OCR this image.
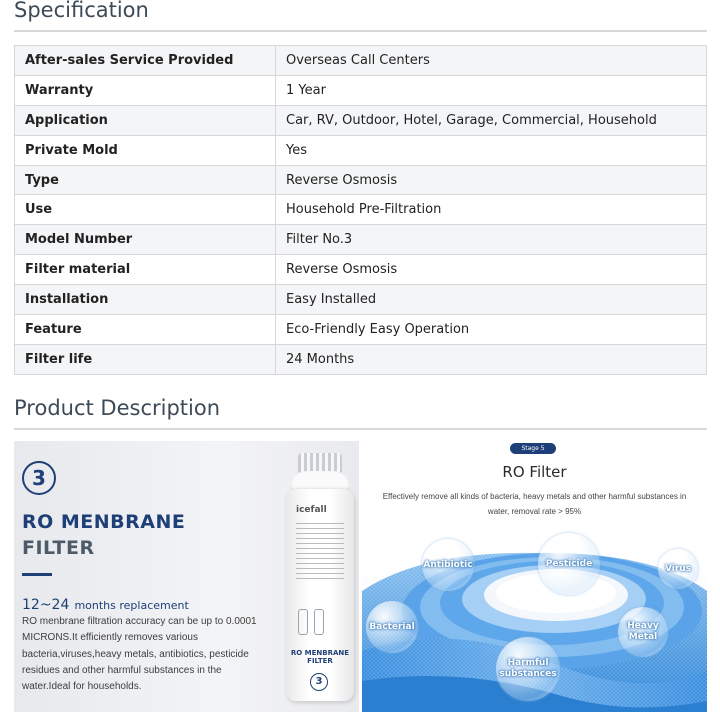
Specification
After-sales Service Provided	Overseas Call Centers
Warranty	1 Year
Application	Car, RV, Outdoor, Hotel, Garage, Commercial, Household
Private Mold	Yes
Type	Reverse Osmosis
Use	Household Pre-Filtration
Model Number	Filter No.3
Filter material	Reverse Osmosis
Installation	Easy Installed
Feature	Eco-Friendly Easy Operation
Filter life	24 Months
Product Description
3
RO MENBRANE
FILTER
12~24 months replacement
RO menbrane filtration accuracy can be up to 0.0001 MICRONS.It efficiently removes various bacteria,viruses,heavy metals, antibiotics, pesticide residues and other harmful substances in the water.Ideal for households.
icefall
RO MENBRANE FILTER
3
Stage 5
RO Filter
Effectively remove all kinds of bacteria, heavy metals and other harmful substances in water, removal rate > 95%
Antibiotic	Pesticide	Virus
Bacterial	Heavy Metal
Harmful substances
